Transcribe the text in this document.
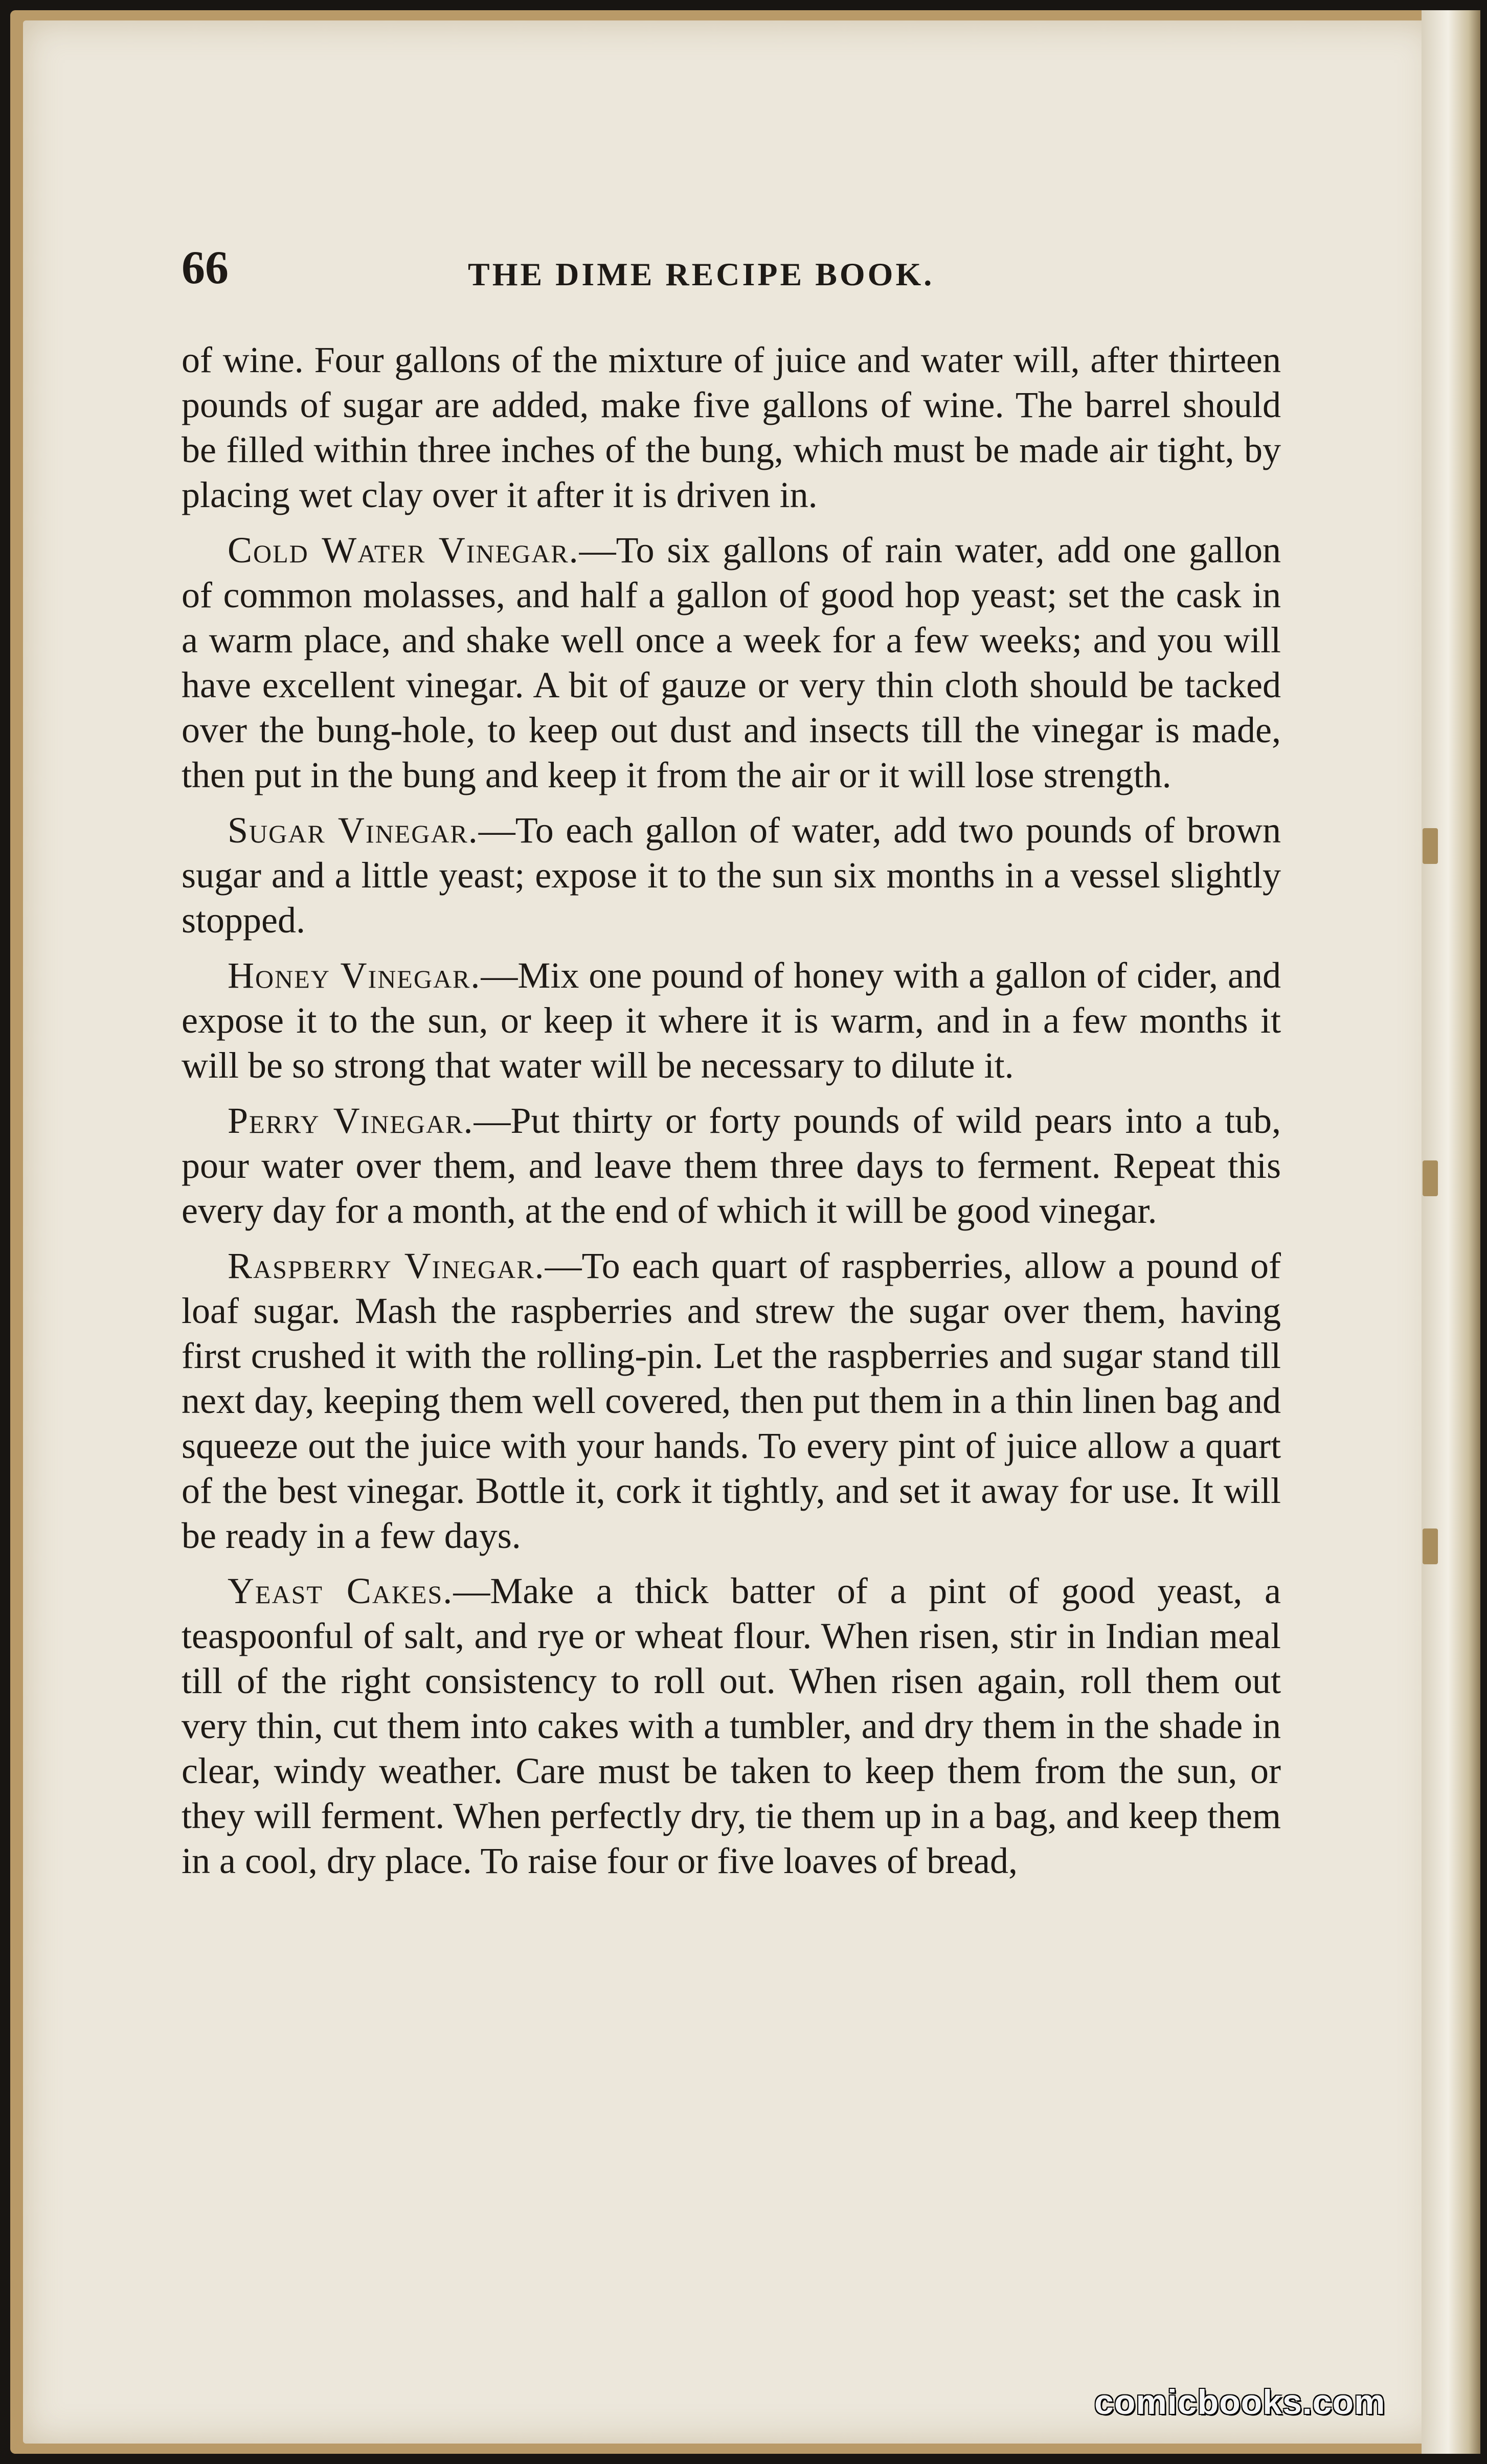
66	THE DIME RECIPE BOOK.

of wine. Four gallons of the mixture of juice and water will, after thirteen pounds of sugar are added, make five gallons of wine. The barrel should be filled within three inches of the bung, which must be made air tight, by placing wet clay over it after it is driven in.

Cold Water Vinegar.—To six gallons of rain water, add one gallon of common molasses, and half a gallon of good hop yeast; set the cask in a warm place, and shake well once a week for a few weeks; and you will have excellent vinegar. A bit of gauze or very thin cloth should be tacked over the bung-hole, to keep out dust and insects till the vinegar is made, then put in the bung and keep it from the air or it will lose strength.

Sugar Vinegar.—To each gallon of water, add two pounds of brown sugar and a little yeast; expose it to the sun six months in a vessel slightly stopped.

Honey Vinegar.—Mix one pound of honey with a gallon of cider, and expose it to the sun, or keep it where it is warm, and in a few months it will be so strong that water will be necessary to dilute it.

Perry Vinegar.—Put thirty or forty pounds of wild pears into a tub, pour water over them, and leave them three days to ferment. Repeat this every day for a month, at the end of which it will be good vinegar.

Raspberry Vinegar.—To each quart of raspberries, allow a pound of loaf sugar. Mash the raspberries and strew the sugar over them, having first crushed it with the rolling-pin. Let the raspberries and sugar stand till next day, keeping them well covered, then put them in a thin linen bag and squeeze out the juice with your hands. To every pint of juice allow a quart of the best vinegar. Bottle it, cork it tightly, and set it away for use. It will be ready in a few days.

Yeast Cakes.—Make a thick batter of a pint of good yeast, a teaspoonful of salt, and rye or wheat flour. When risen, stir in Indian meal till of the right consistency to roll out. When risen again, roll them out very thin, cut them into cakes with a tumbler, and dry them in the shade in clear, windy weather. Care must be taken to keep them from the sun, or they will ferment. When perfectly dry, tie them up in a bag, and keep them in a cool, dry place. To raise four or five loaves of bread,

comicbooks.com
